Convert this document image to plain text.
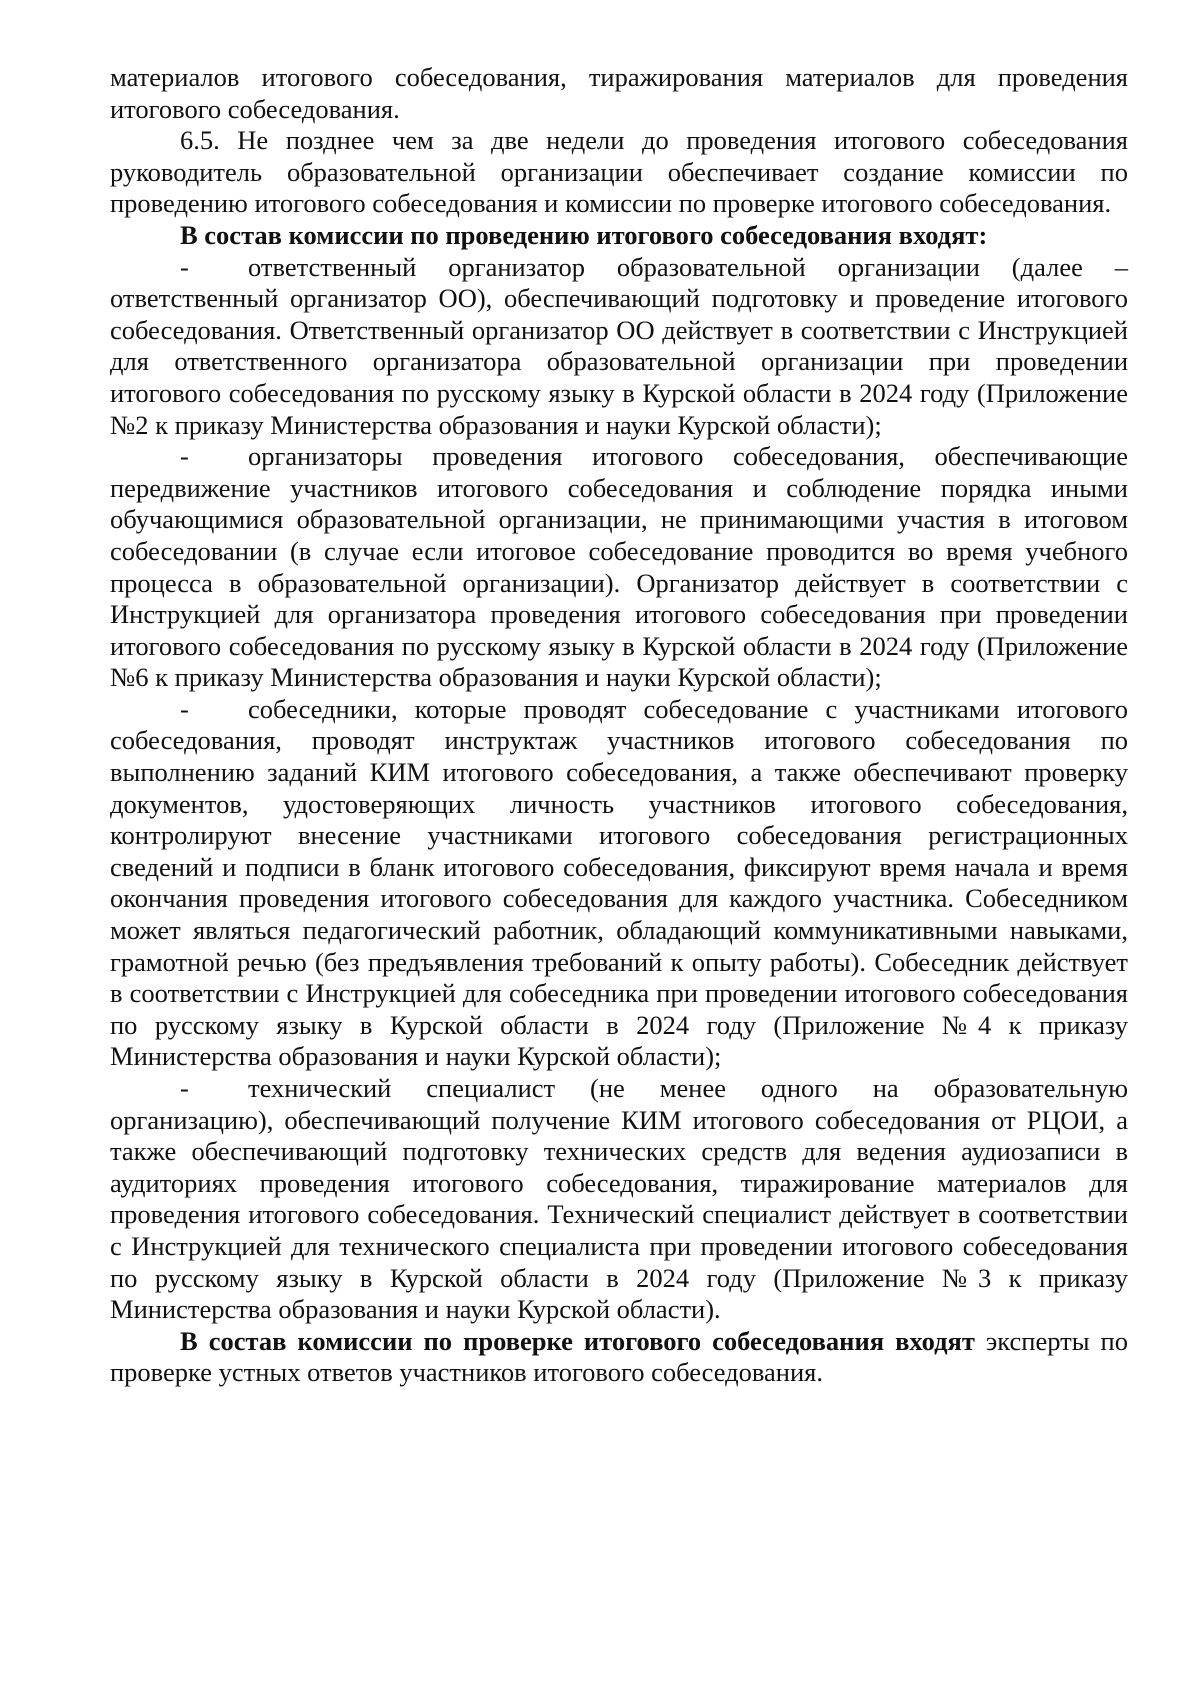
материалов итогового собеседования, тиражирования материалов для проведения итогового собеседования.

6.5. Не позднее чем за две недели до проведения итогового собеседования руководитель образовательной организации обеспечивает создание комиссии по проведению итогового собеседования и комиссии по проверке итогового собеседования.

В состав комиссии по проведению итогового собеседования входят:

- ответственный организатор образовательной организации (далее – ответственный организатор ОО), обеспечивающий подготовку и проведение итогового собеседования. Ответственный организатор ОО действует в соответствии с Инструкцией для ответственного организатора образовательной организации при проведении итогового собеседования по русскому языку в Курской области в 2024 году (Приложение №2 к приказу Министерства образования и науки Курской области);

- организаторы проведения итогового собеседования, обеспечивающие передвижение участников итогового собеседования и соблюдение порядка иными обучающимися образовательной организации, не принимающими участия в итоговом собеседовании (в случае если итоговое собеседование проводится во время учебного процесса в образовательной организации). Организатор действует в соответствии с Инструкцией для организатора проведения итогового собеседования при проведении итогового собеседования по русскому языку в Курской области в 2024 году (Приложение №6 к приказу Министерства образования и науки Курской области);

- собеседники, которые проводят собеседование с участниками итогового собеседования, проводят инструктаж участников итогового собеседования по выполнению заданий КИМ итогового собеседования, а также обеспечивают проверку документов, удостоверяющих личность участников итогового собеседования, контролируют внесение участниками итогового собеседования регистрационных сведений и подписи в бланк итогового собеседования, фиксируют время начала и время окончания проведения итогового собеседования для каждого участника. Собеседником может являться педагогический работник, обладающий коммуникативными навыками, грамотной речью (без предъявления требований к опыту работы). Собеседник действует в соответствии с Инструкцией для собеседника при проведении итогового собеседования по русскому языку в Курской области в 2024 году (Приложение №4 к приказу Министерства образования и науки Курской области);

- технический специалист (не менее одного на образовательную организацию), обеспечивающий получение КИМ итогового собеседования от РЦОИ, а также обеспечивающий подготовку технических средств для ведения аудиозаписи в аудиториях проведения итогового собеседования, тиражирование материалов для проведения итогового собеседования. Технический специалист действует в соответствии с Инструкцией для технического специалиста при проведении итогового собеседования по русскому языку в Курской области в 2024 году (Приложение №3 к приказу Министерства образования и науки Курской области).

В состав комиссии по проверке итогового собеседования входят эксперты по проверке устных ответов участников итогового собеседования.
